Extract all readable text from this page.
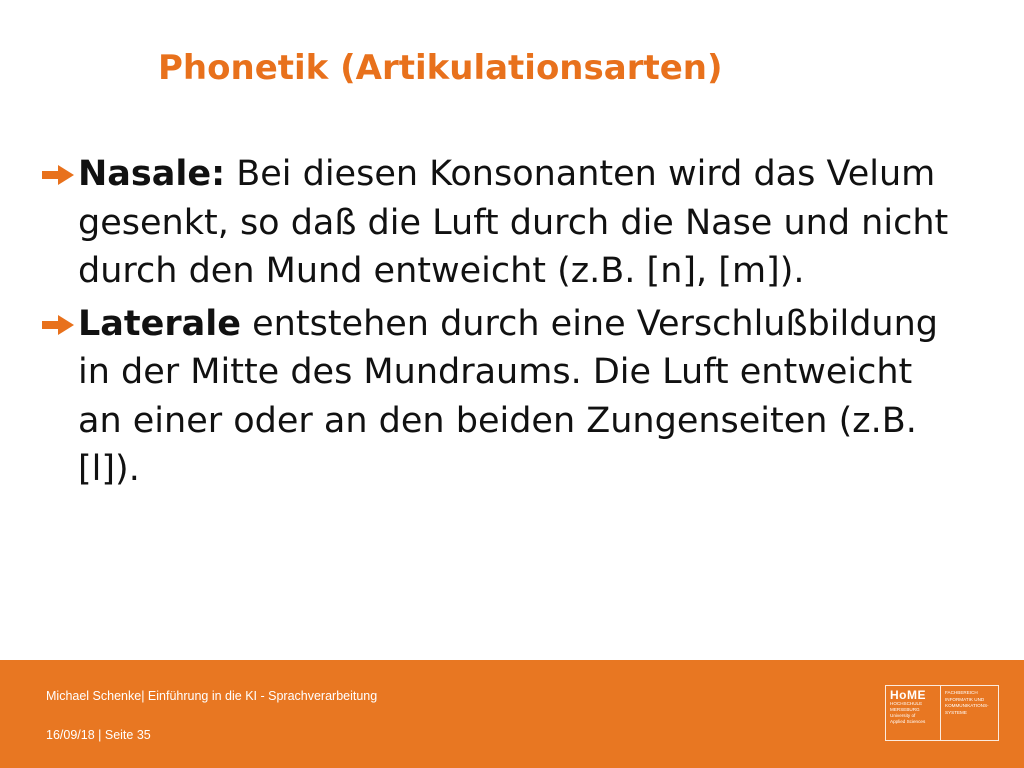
Phonetik (Artikulationsarten)
Nasale: Bei diesen Konsonanten wird das Velum gesenkt, so daß die Luft durch die Nase und nicht durch den Mund entweicht (z.B. [n], [m]).
Laterale entstehen durch eine Verschlußbildung in der Mitte des Mundraums. Die Luft entweicht an einer oder an den beiden Zungenseiten (z.B. [l]).
Michael Schenke| Einführung in die KI - Sprachverarbeitung
16/09/18 | Seite 35
HoME
HOCHSCHULE
MERSEBURG
University of
Applied Sciences
FACHBEREICH
INFORMATIK UND
KOMMUNIKATIONS-
SYSTEME
